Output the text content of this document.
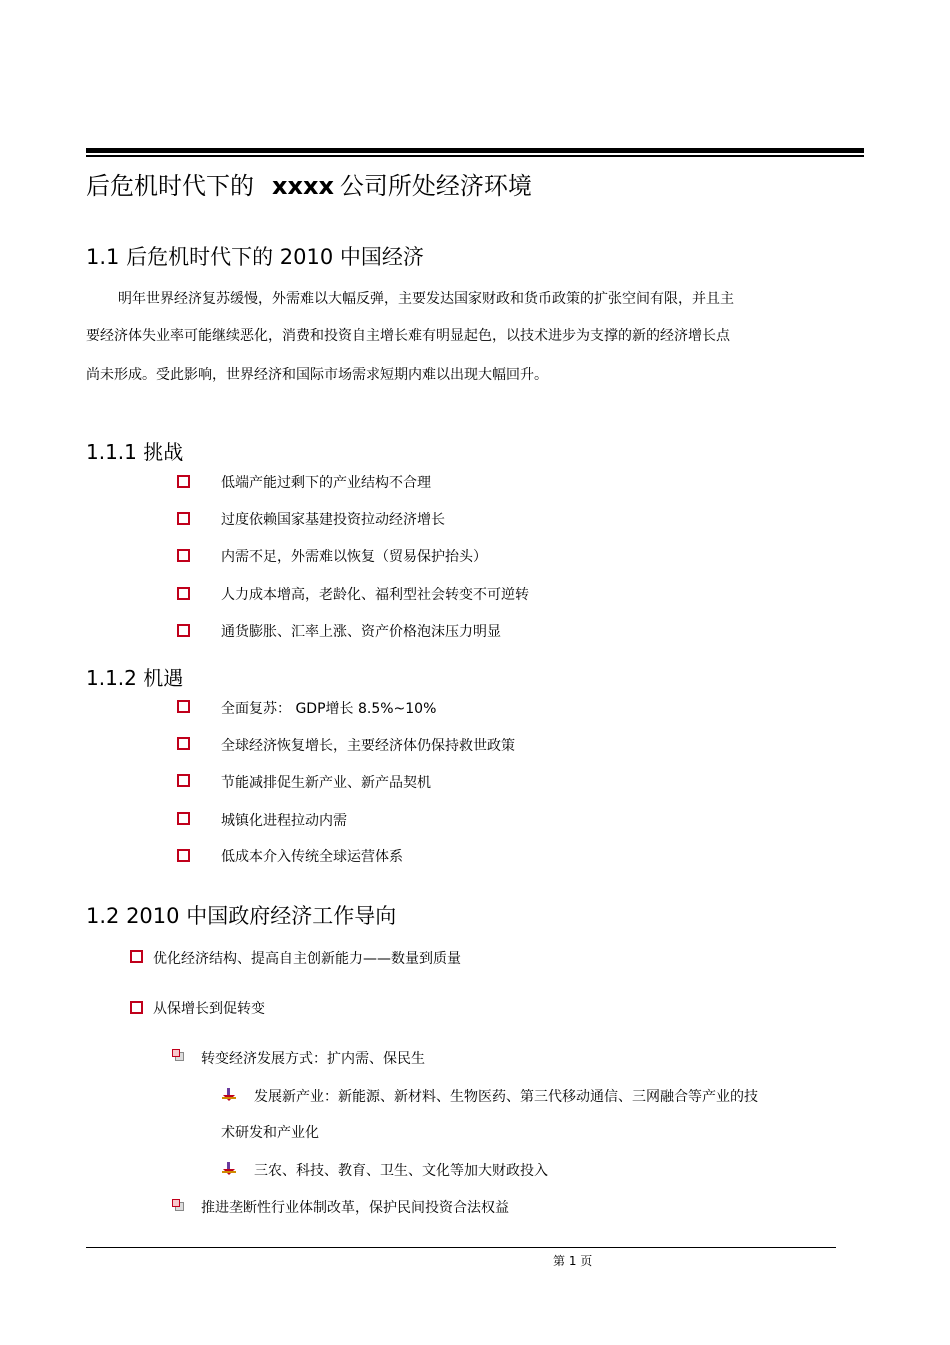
后危机时代下的 xxxx 公司所处经济环境
1.1 后危机时代下的 2010 中国经济
明年世界经济复苏缓慢，外需难以大幅反弹，主要发达国家财政和货币政策的扩张空间有限，并且主
要经济体失业率可能继续恶化，消费和投资自主增长难有明显起色，以技术进步为支撑的新的经济增长点
尚未形成。受此影响，世界经济和国际市场需求短期内难以出现大幅回升。
1.1.1 挑战
低端产能过剩下的产业结构不合理
过度依赖国家基建投资拉动经济增长
内需不足，外需难以恢复（贸易保护抬头）
人力成本增高，老龄化、福利型社会转变不可逆转
通货膨胀、汇率上涨、资产价格泡沫压力明显
1.1.2 机遇
全面复苏： GDP增长 8.5%~10%
全球经济恢复增长，主要经济体仍保持救世政策
节能减排促生新产业、新产品契机
城镇化进程拉动内需
低成本介入传统全球运营体系
1.2 2010 中国政府经济工作导向
优化经济结构、提高自主创新能力——数量到质量
从保增长到促转变
转变经济发展方式：扩内需、保民生
发展新产业：新能源、新材料、生物医药、第三代移动通信、三网融合等产业的技
术研发和产业化
三农、科技、教育、卫生、文化等加大财政投入
推进垄断性行业体制改革，保护民间投资合法权益
第 1 页
